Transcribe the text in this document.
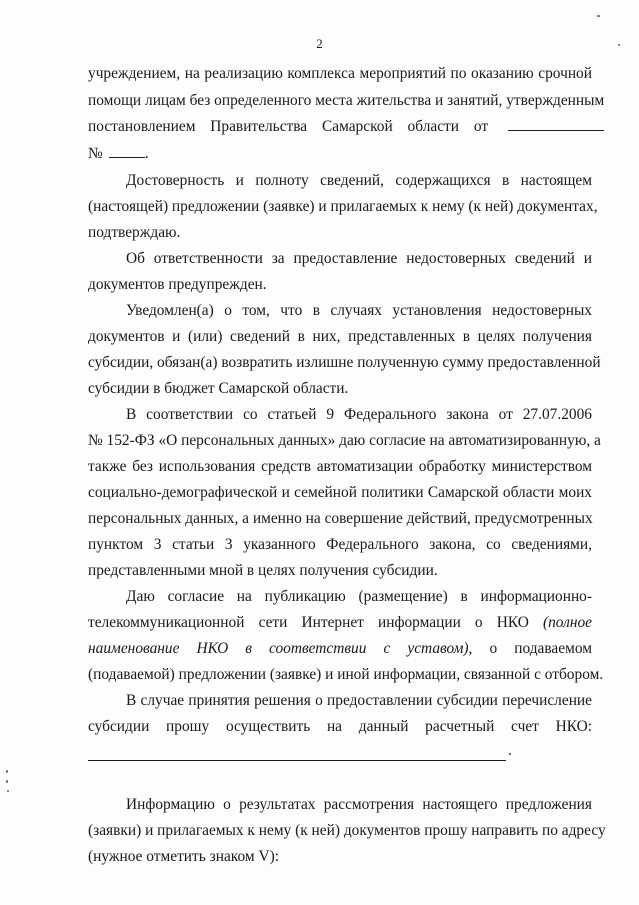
2
учреждением, на реализацию комплекса мероприятий по оказанию срочной
помощи лицам без определенного места жительства и занятий, утвержденным
постановлением Правительства Самарской области от
№	.
Достоверность и полноту сведений, содержащихся в настоящем
(настоящей) предложении (заявке) и прилагаемых к нему (к ней) документах,
подтверждаю.
Об ответственности за предоставление недостоверных сведений и
документов предупрежден.
Уведомлен(а) о том, что в случаях установления недостоверных
документов и (или) сведений в них, представленных в целях получения
субсидии, обязан(а) возвратить излишне полученную сумму предоставленной
субсидии в бюджет Самарской области.
В соответствии со статьей 9 Федерального закона от 27.07.2006
№ 152-ФЗ «О персональных данных» даю согласие на автоматизированную, а
также без использования средств автоматизации обработку министерством
социально-демографической и семейной политики Самарской области моих
персональных данных, а именно на совершение действий, предусмотренных
пунктом 3 статьи 3 указанного Федерального закона, со сведениями,
представленными мной в целях получения субсидии.
Даю согласие на публикацию (размещение) в информационно-
телекоммуникационной сети Интернет информации о НКО (полное
наименование НКО в соответствии с уставом), о подаваемом
(подаваемой) предложении (заявке) и иной информации, связанной с отбором.
В случае принятия решения о предоставлении субсидии перечисление
субсидии прошу осуществить на данный расчетный счет НКО:
.
Информацию о результатах рассмотрения настоящего предложения
(заявки) и прилагаемых к нему (к ней) документов прошу направить по адресу
(нужное отметить знаком V):
